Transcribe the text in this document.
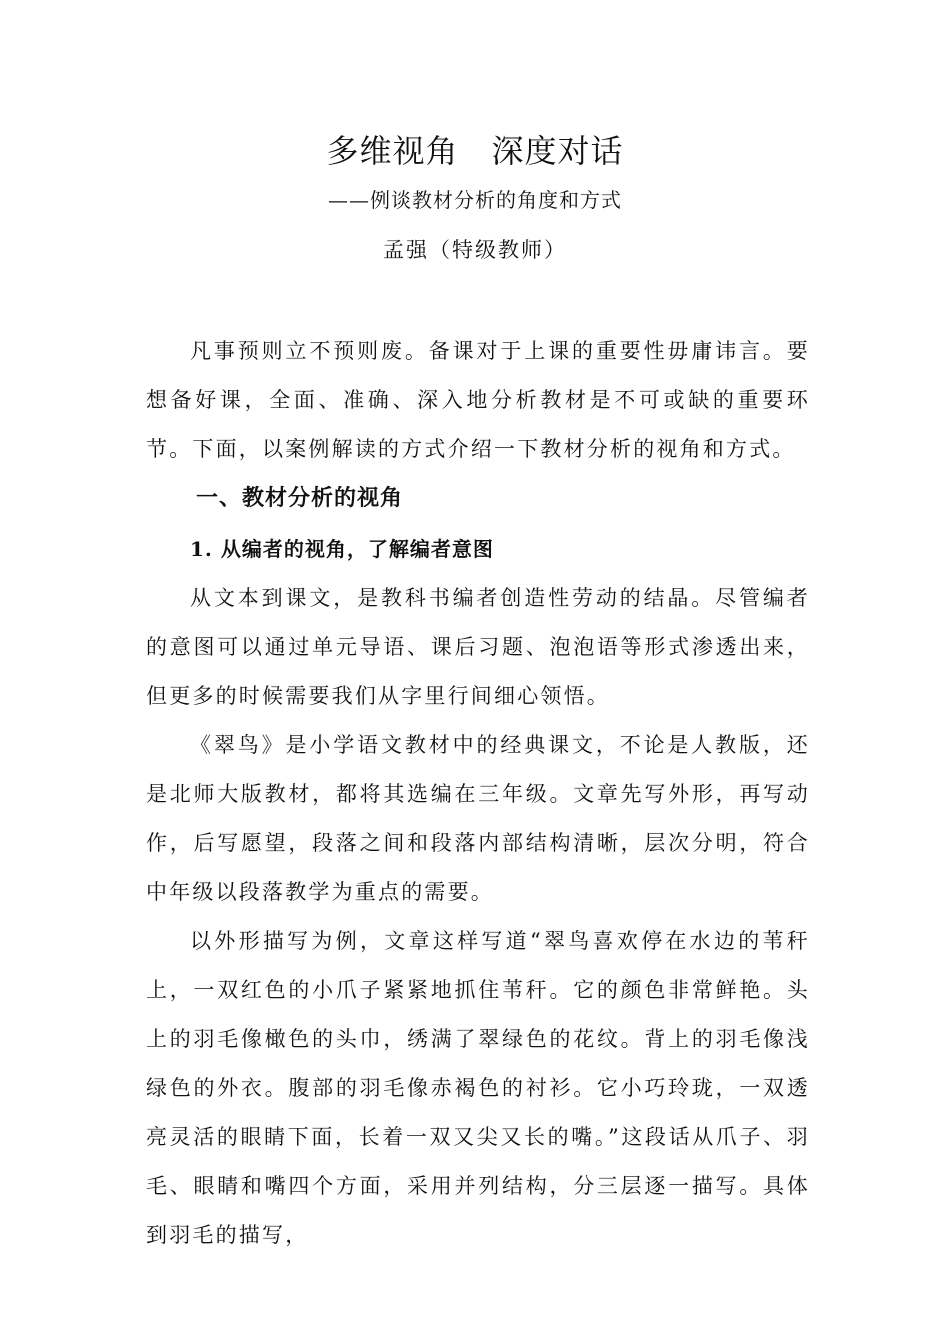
多维视角　深度对话
——例谈教材分析的角度和方式
孟强（特级教师）

凡事预则立不预则废。备课对于上课的重要性毋庸讳言。要想备好课，全面、准确、深入地分析教材是不可或缺的重要环节。下面，以案例解读的方式介绍一下教材分析的视角和方式。

一、教材分析的视角
1. 从编者的视角，了解编者意图

从文本到课文，是教科书编者创造性劳动的结晶。尽管编者的意图可以通过单元导语、课后习题、泡泡语等形式渗透出来，但更多的时候需要我们从字里行间细心领悟。

《翠鸟》是小学语文教材中的经典课文，不论是人教版，还是北师大版教材，都将其选编在三年级。文章先写外形，再写动作，后写愿望，段落之间和段落内部结构清晰，层次分明，符合中年级以段落教学为重点的需要。

以外形描写为例，文章这样写道“翠鸟喜欢停在水边的苇秆上，一双红色的小爪子紧紧地抓住苇秆。它的颜色非常鲜艳。头上的羽毛像橄色的头巾，绣满了翠绿色的花纹。背上的羽毛像浅绿色的外衣。腹部的羽毛像赤褐色的衬衫。它小巧玲珑，一双透亮灵活的眼睛下面，长着一双又尖又长的嘴。”这段话从爪子、羽毛、眼睛和嘴四个方面，采用并列结构，分三层逐一描写。具体到羽毛的描写，
